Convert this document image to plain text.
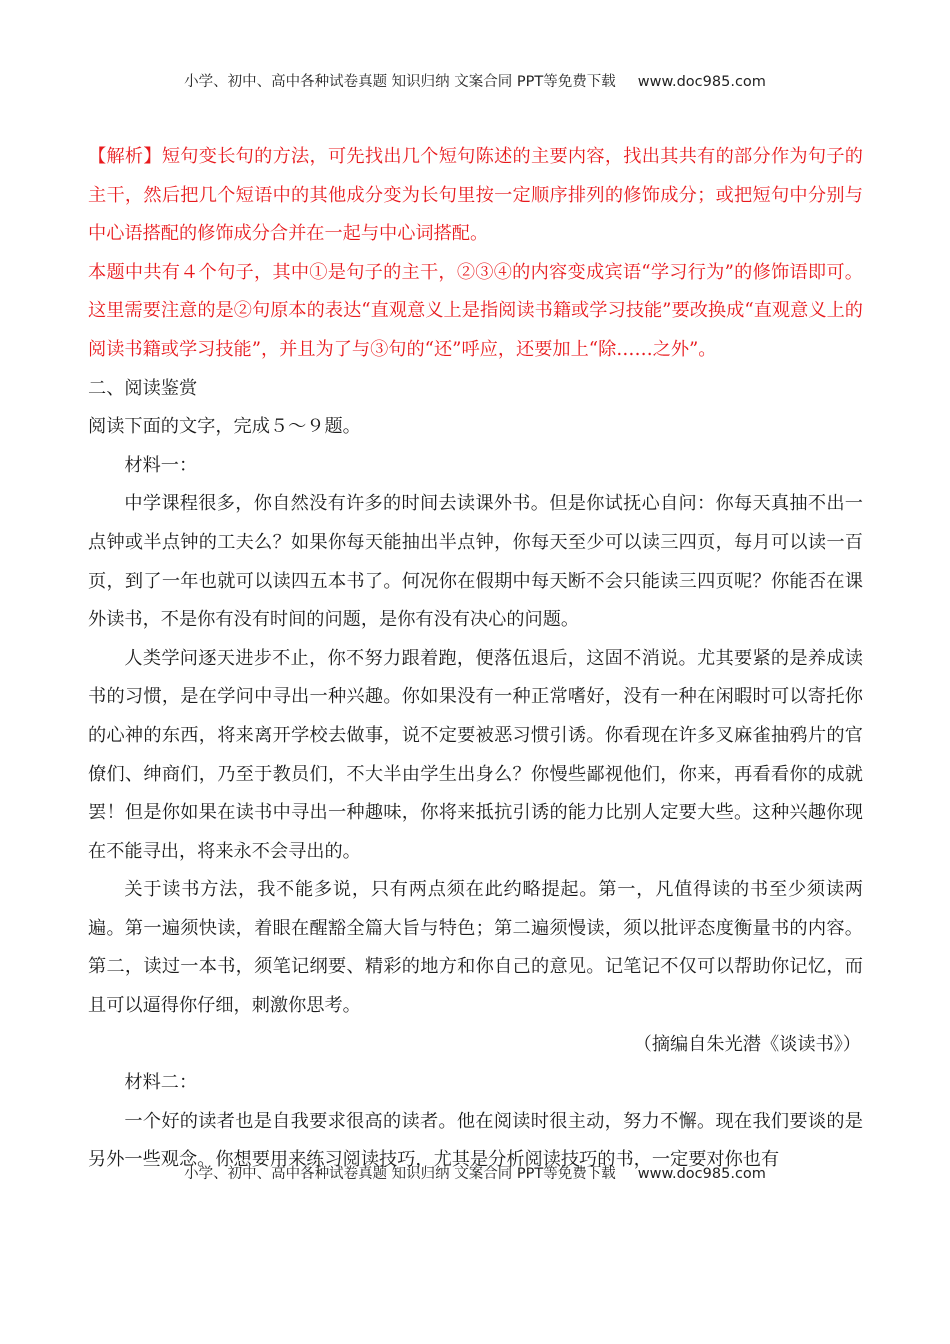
小学、初中、高中各种试卷真题 知识归纳 文案合同 PPT等免费下载 www.doc985.com

【解析】短句变长句的方法，可先找出几个短句陈述的主要内容，找出其共有的部分作为句子的主干，然后把几个短语中的其他成分变为长句里按一定顺序排列的修饰成分；或把短句中分别与中心语搭配的修饰成分合并在一起与中心词搭配。

本题中共有４个句子，其中①是句子的主干，②③④的内容变成宾语“学习行为”的修饰语即可。这里需要注意的是②句原本的表达“直观意义上是指阅读书籍或学习技能”要改换成“直观意义上的阅读书籍或学习技能”，并且为了与③句的“还”呼应，还要加上“除……之外”。

二、阅读鉴赏

阅读下面的文字，完成５～９题。

材料一：

中学课程很多，你自然没有许多的时间去读课外书。但是你试抚心自问：你每天真抽不出一点钟或半点钟的工夫么？如果你每天能抽出半点钟，你每天至少可以读三四页，每月可以读一百页，到了一年也就可以读四五本书了。何况你在假期中每天断不会只能读三四页呢？你能否在课外读书，不是你有没有时间的问题，是你有没有决心的问题。

人类学问逐天进步不止，你不努力跟着跑，便落伍退后，这固不消说。尤其要紧的是养成读书的习惯，是在学问中寻出一种兴趣。你如果没有一种正常嗜好，没有一种在闲暇时可以寄托你的心神的东西，将来离开学校去做事，说不定要被恶习惯引诱。你看现在许多叉麻雀抽鸦片的官僚们、绅商们，乃至于教员们，不大半由学生出身么？你慢些鄙视他们，你来，再看看你的成就罢！但是你如果在读书中寻出一种趣味，你将来抵抗引诱的能力比别人定要大些。这种兴趣你现在不能寻出，将来永不会寻出的。

关于读书方法，我不能多说，只有两点须在此约略提起。第一，凡值得读的书至少须读两遍。第一遍须快读，着眼在醒豁全篇大旨与特色；第二遍须慢读，须以批评态度衡量书的内容。第二，读过一本书，须笔记纲要、精彩的地方和你自己的意见。记笔记不仅可以帮助你记忆，而且可以逼得你仔细，刺激你思考。

（摘编自朱光潜《谈读书》）

材料二：

一个好的读者也是自我要求很高的读者。他在阅读时很主动，努力不懈。现在我们要谈的是另外一些观念。你想要用来练习阅读技巧，尤其是分析阅读技巧的书，一定要对你也有

小学、初中、高中各种试卷真题 知识归纳 文案合同 PPT等免费下载 www.doc985.com
